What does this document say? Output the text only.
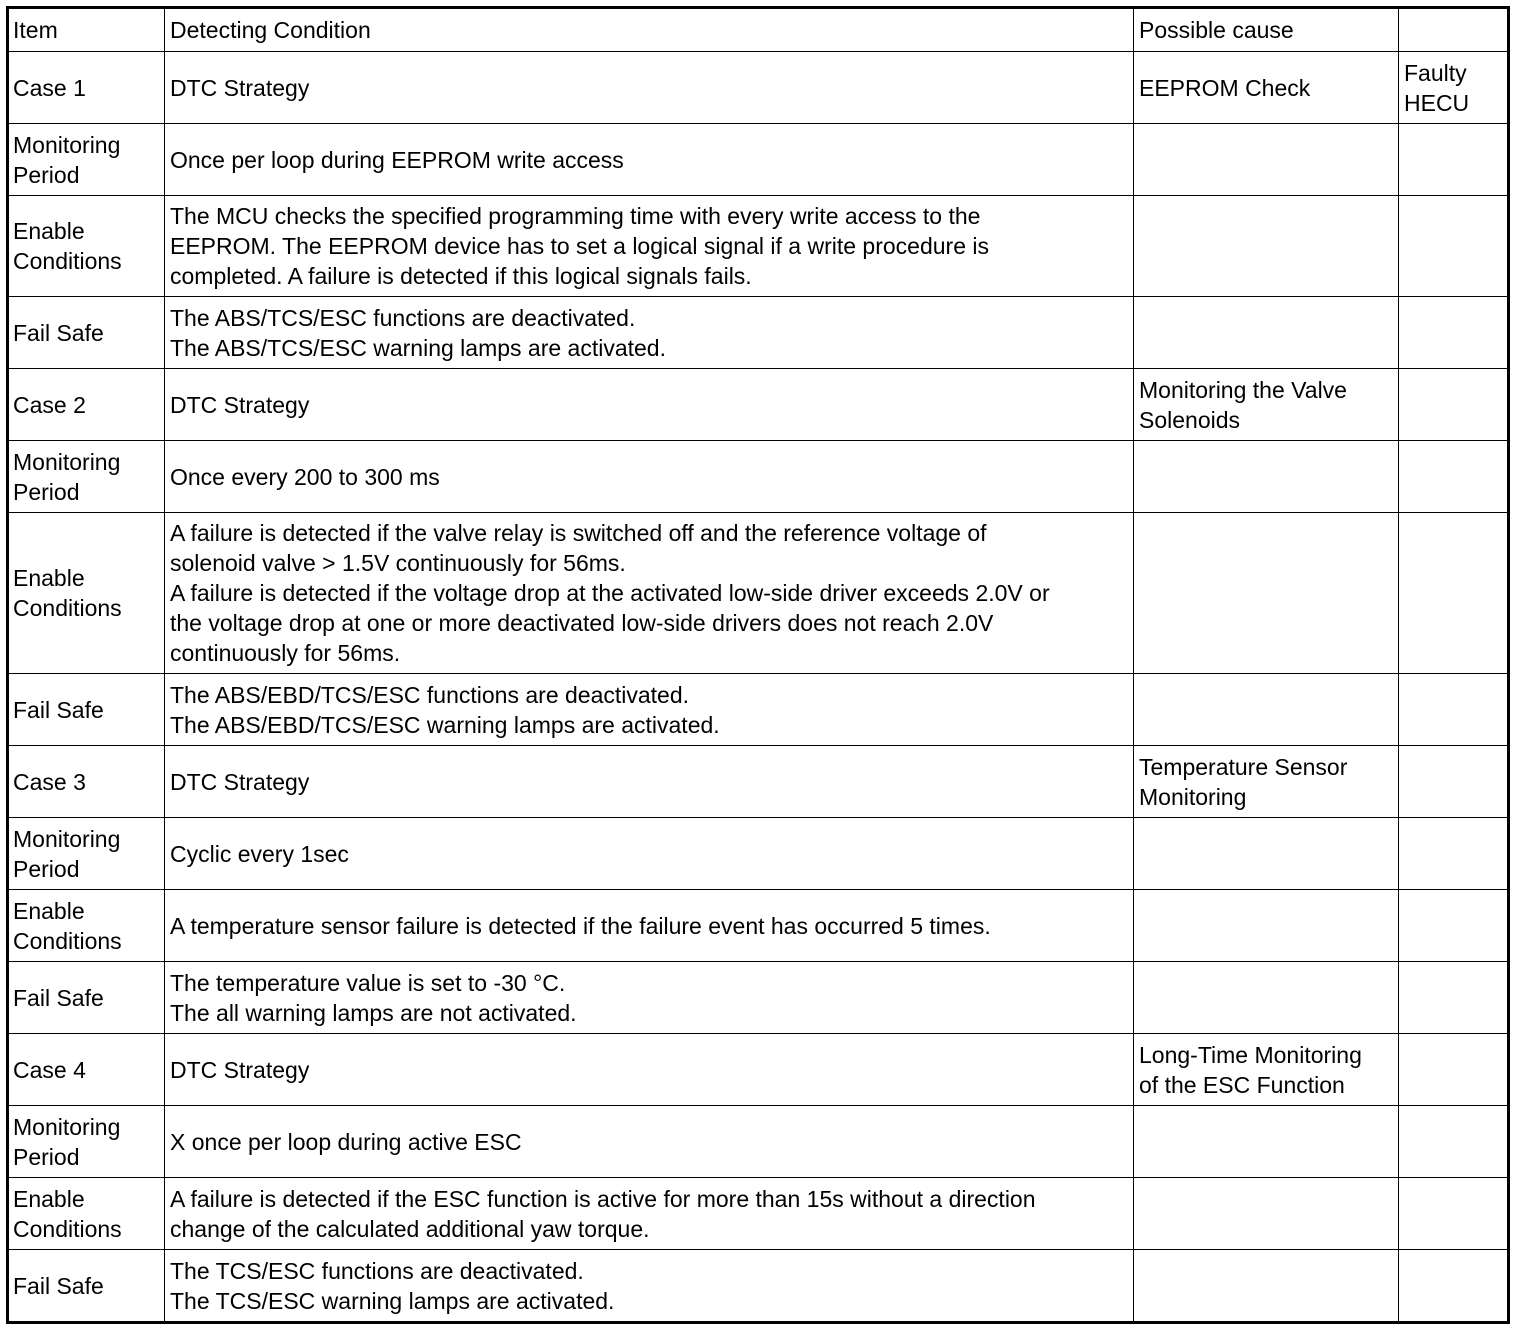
Item	Detecting Condition	Possible cause	
Case 1	DTC Strategy	EEPROM Check	Faulty
HECU
Monitoring
Period	Once per loop during EEPROM write access		
Enable
Conditions	The MCU checks the specified programming time with every write access to the
EEPROM. The EEPROM device has to set a logical signal if a write procedure is
completed. A failure is detected if this logical signals fails.		
Fail Safe	The ABS/TCS/ESC functions are deactivated.
The ABS/TCS/ESC warning lamps are activated.		
Case 2	DTC Strategy	Monitoring the Valve
Solenoids	
Monitoring
Period	Once every 200 to 300 ms		
Enable
Conditions	A failure is detected if the valve relay is switched off and the reference voltage of
solenoid valve > 1.5V continuously for 56ms.
A failure is detected if the voltage drop at the activated low-side driver exceeds 2.0V or
the voltage drop at one or more deactivated low-side drivers does not reach 2.0V
continuously for 56ms.		
Fail Safe	The ABS/EBD/TCS/ESC functions are deactivated.
The ABS/EBD/TCS/ESC warning lamps are activated.		
Case 3	DTC Strategy	Temperature Sensor
Monitoring	
Monitoring
Period	Cyclic every 1sec		
Enable
Conditions	A temperature sensor failure is detected if the failure event has occurred 5 times.		
Fail Safe	The temperature value is set to -30 °C.
The all warning lamps are not activated.		
Case 4	DTC Strategy	Long-Time Monitoring
of the ESC Function	
Monitoring
Period	X once per loop during active ESC		
Enable
Conditions	A failure is detected if the ESC function is active for more than 15s without a direction
change of the calculated additional yaw torque.		
Fail Safe	The TCS/ESC functions are deactivated.
The TCS/ESC warning lamps are activated.		
